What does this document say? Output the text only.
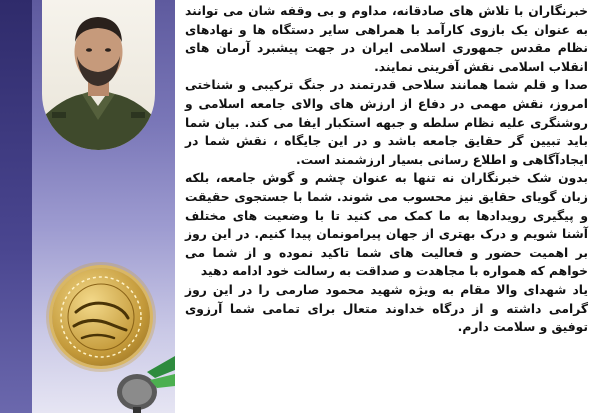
خبرنگاران با تلاش های صادقانه، مداوم و بی وقفه شان می توانند به عنوان یک بازوی کارآمد با همراهی سایر دستگاه ها و نهادهای نظام مقدس جمهوری اسلامی ایران در جهت پیشبرد آرمان های انقلاب اسلامی نقش آفرینی نمایند.

صدا و قلم شما همانند سلاحی قدرتمند در جنگ ترکیبی و شناختی امروز، نقش مهمی در دفاع از ارزش های والای جامعه اسلامی و روشنگری علیه نظام سلطه و جبهه استکبار ایفا می کند. بیان شما باید تبیین گر حقایق جامعه باشد و در این جایگاه ، نقش شما در ایجادآگاهی و اطلاع رسانی بسیار ارزشمند است.

بدون شک خبرنگاران نه تنها به عنوان چشم و گوش جامعه، بلکه زبان گویای حقایق نیز محسوب می شوند. شما با جستجوی حقیقت و پیگیری رویدادها به ما کمک می کنید تا با وضعیت های مختلف آشنا شویم و درک بهتری از جهان پیرامونمان پیدا کنیم. در این روز بر اهمیت حضور و فعالیت های شما تاکید نموده و از شما می خواهم که همواره با مجاهدت و صداقت به رسالت خود ادامه دهید

یاد شهدای والا مقام به ویژه شهید محمود صارمی را در این روز گرامی داشته و از درگاه خداوند متعال برای تمامی شما آرزوی توفیق و سلامت دارم.
